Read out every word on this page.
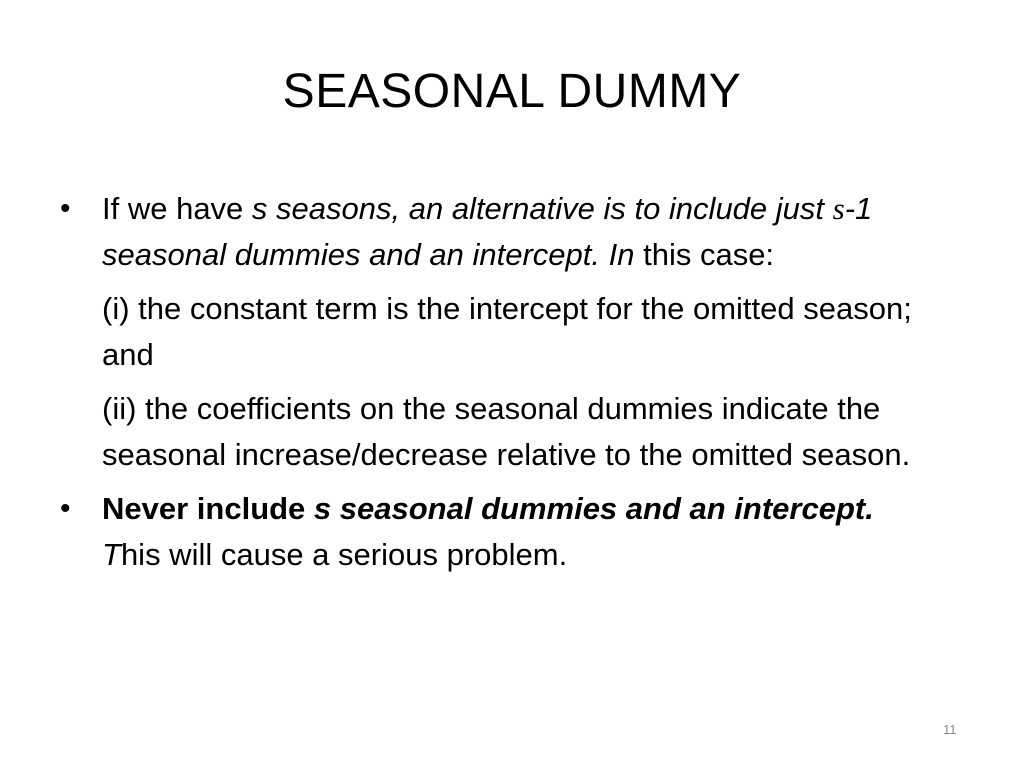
SEASONAL DUMMY
•	If we have s seasons, an alternative is to include just s-1 seasonal dummies and an intercept. In this case:
(i) the constant term is the intercept for the omitted season; and
(ii) the coefficients on the seasonal dummies indicate the seasonal increase/decrease relative to the omitted season.
•	Never include s seasonal dummies and an intercept. This will cause a serious problem.
11
